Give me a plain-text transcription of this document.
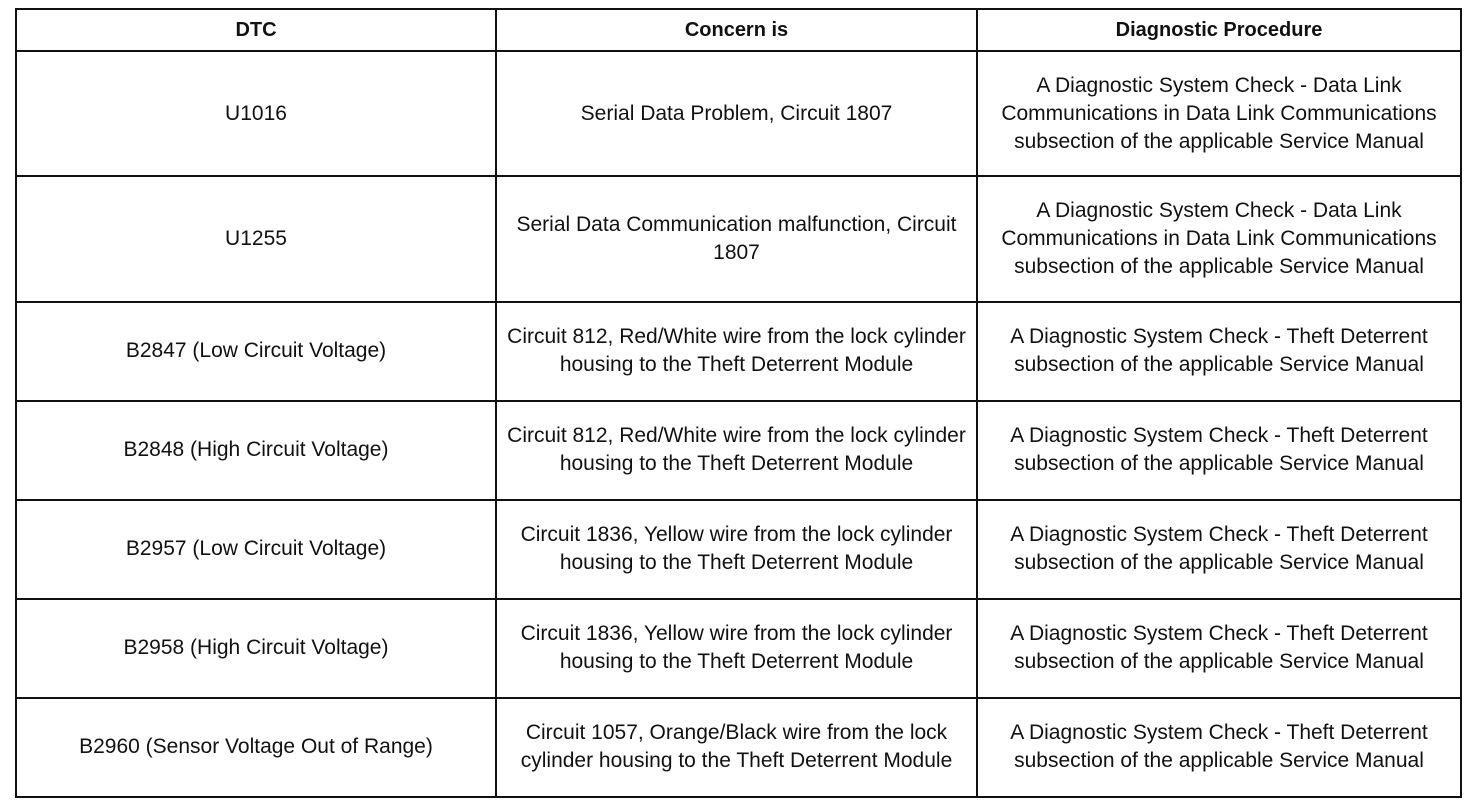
DTC	Concern is	Diagnostic Procedure
U1016	Serial Data Problem, Circuit 1807	A Diagnostic System Check - Data Link Communications in Data Link Communications subsection of the applicable Service Manual
U1255	Serial Data Communication malfunction, Circuit 1807	A Diagnostic System Check - Data Link Communications in Data Link Communications subsection of the applicable Service Manual
B2847 (Low Circuit Voltage)	Circuit 812, Red/White wire from the lock cylinder housing to the Theft Deterrent Module	A Diagnostic System Check - Theft Deterrent subsection of the applicable Service Manual
B2848 (High Circuit Voltage)	Circuit 812, Red/White wire from the lock cylinder housing to the Theft Deterrent Module	A Diagnostic System Check - Theft Deterrent subsection of the applicable Service Manual
B2957 (Low Circuit Voltage)	Circuit 1836, Yellow wire from the lock cylinder housing to the Theft Deterrent Module	A Diagnostic System Check - Theft Deterrent subsection of the applicable Service Manual
B2958 (High Circuit Voltage)	Circuit 1836, Yellow wire from the lock cylinder housing to the Theft Deterrent Module	A Diagnostic System Check - Theft Deterrent subsection of the applicable Service Manual
B2960 (Sensor Voltage Out of Range)	Circuit 1057, Orange/Black wire from the lock cylinder housing to the Theft Deterrent Module	A Diagnostic System Check - Theft Deterrent subsection of the applicable Service Manual
